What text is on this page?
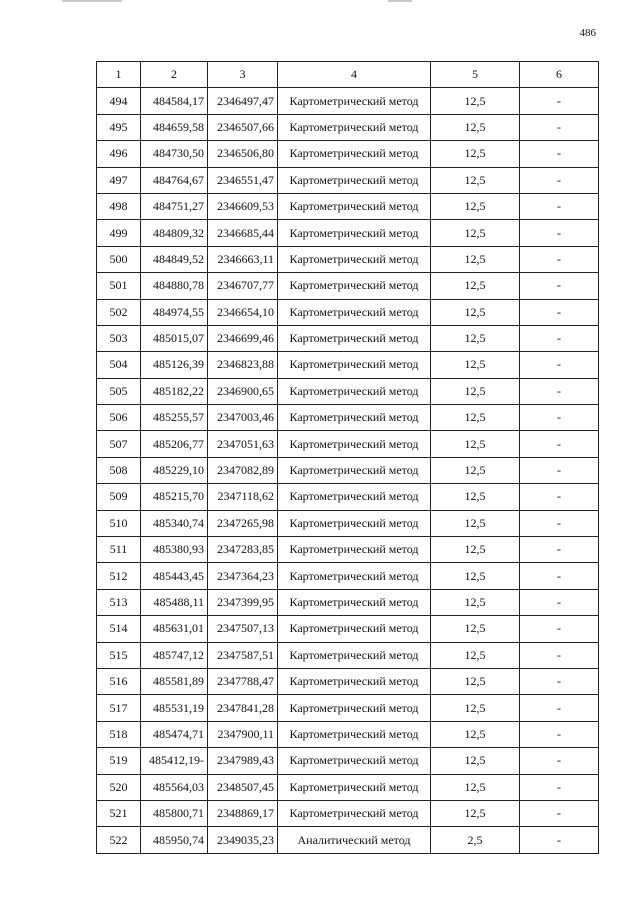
486
1	2	3	4	5	6
494	484584,17	2346497,47	Картометрический метод	12,5	-
495	484659,58	2346507,66	Картометрический метод	12,5	-
496	484730,50	2346506,80	Картометрический метод	12,5	-
497	484764,67	2346551,47	Картометрический метод	12,5	-
498	484751,27	2346609,53	Картометрический метод	12,5	-
499	484809,32	2346685,44	Картометрический метод	12,5	-
500	484849,52	2346663,11	Картометрический метод	12,5	-
501	484880,78	2346707,77	Картометрический метод	12,5	-
502	484974,55	2346654,10	Картометрический метод	12,5	-
503	485015,07	2346699,46	Картометрический метод	12,5	-
504	485126,39	2346823,88	Картометрический метод	12,5	-
505	485182,22	2346900,65	Картометрический метод	12,5	-
506	485255,57	2347003,46	Картометрический метод	12,5	-
507	485206,77	2347051,63	Картометрический метод	12,5	-
508	485229,10	2347082,89	Картометрический метод	12,5	-
509	485215,70	2347118,62	Картометрический метод	12,5	-
510	485340,74	2347265,98	Картометрический метод	12,5	-
511	485380,93	2347283,85	Картометрический метод	12,5	-
512	485443,45	2347364,23	Картометрический метод	12,5	-
513	485488,11	2347399,95	Картометрический метод	12,5	-
514	485631,01	2347507,13	Картометрический метод	12,5	-
515	485747,12	2347587,51	Картометрический метод	12,5	-
516	485581,89	2347788,47	Картометрический метод	12,5	-
517	485531,19	2347841,28	Картометрический метод	12,5	-
518	485474,71	2347900,11	Картометрический метод	12,5	-
519	485412,19-	2347989,43	Картометрический метод	12,5	-
520	485564,03	2348507,45	Картометрический метод	12,5	-
521	485800,71	2348869,17	Картометрический метод	12,5	-
522	485950,74	2349035,23	Аналитический метод	2,5	-
